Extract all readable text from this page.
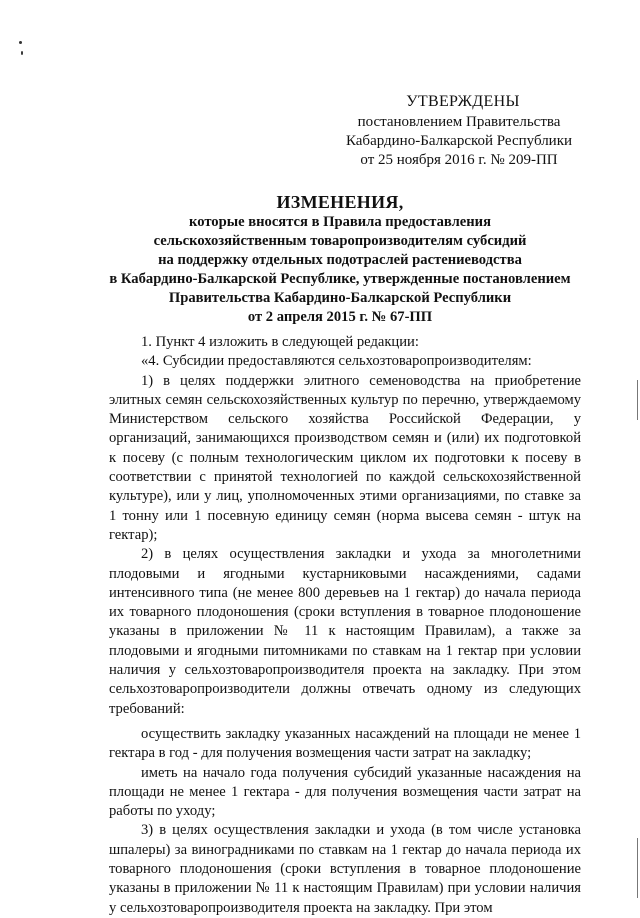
УТВЕРЖДЕНЫ
постановлением Правительства
Кабардино-Балкарской Республики
от 25 ноября 2016 г. № 209-ПП
ИЗМЕНЕНИЯ,
которые вносятся в Правила предоставления
сельскохозяйственным товаропроизводителям субсидий
на поддержку отдельных подотраслей растениеводства
в Кабардино-Балкарской Республике, утвержденные постановлением
Правительства Кабардино-Балкарской Республики
от 2 апреля 2015 г. № 67-ПП

1. Пункт 4 изложить в следующей редакции:

«4. Субсидии предоставляются сельхозтоваропроизводителям:

1) в целях поддержки элитного семеноводства на приобретение элитных семян сельскохозяйственных культур по перечню, утверждаемому Министерством сельского хозяйства Российской Федерации, у организаций, занимающихся производством семян и (или) их подготовкой к посеву (с полным технологическим циклом их подготовки к посеву в соответствии с принятой технологией по каждой сельскохозяйственной культуре), или у лиц, уполномоченных этими организациями, по ставке за 1 тонну или 1 посевную единицу семян (норма высева семян - штук на гектар);

2) в целях осуществления закладки и ухода за многолетними плодовыми и ягодными кустарниковыми насаждениями, садами интенсивного типа (не менее 800 деревьев на 1 гектар) до начала периода их товарного плодоношения (сроки вступления в товарное плодоношение указаны в приложении № 11 к настоящим Правилам), а также за плодовыми и ягодными питомниками по ставкам на 1 гектар при условии наличия у сельхозтоваропроизводителя проекта на закладку. При этом сельхозтоваропроизводители должны отвечать одному из следующих требований:

осуществить закладку указанных насаждений на площади не менее 1 гектара в год - для получения возмещения части затрат на закладку;

иметь на начало года получения субсидий указанные насаждения на площади не менее 1 гектара - для получения возмещения части затрат на работы по уходу;

3) в целях осуществления закладки и ухода (в том числе установка шпалеры) за виноградниками по ставкам на 1 гектар до начала периода их товарного плодоношения (сроки вступления в товарное плодоношение указаны в приложении № 11 к настоящим Правилам) при условии наличия у сельхозтоваропроизводителя проекта на закладку. При этом
